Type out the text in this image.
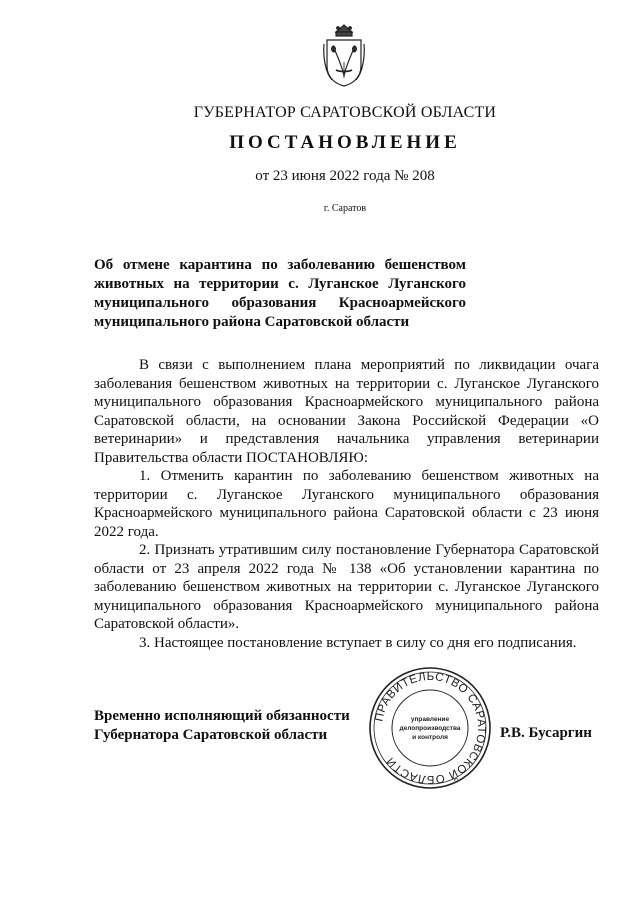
ГУБЕРНАТОР САРАТОВСКОЙ ОБЛАСТИ
ПОСТАНОВЛЕНИЕ
от 23 июня 2022 года № 208
г. Саратов
Об отмене карантина по заболеванию бешенством животных на территории с. Луганское Луганского муниципального образования Красноармейского муниципального района Саратовской области

В связи с выполнением плана мероприятий по ликвидации очага заболевания бешенством животных на территории с. Луганское Луганского муниципального образования Красноармейского муниципального района Саратовской области, на основании Закона Российской Федерации «О ветеринарии» и представления начальника управления ветеринарии Правительства области ПОСТАНОВЛЯЮ:

1. Отменить карантин по заболеванию бешенством животных на территории с. Луганское Луганского муниципального образования Красноармейского муниципального района Саратовской области с 23 июня 2022 года.

2. Признать утратившим силу постановление Губернатора Саратовской области от 23 апреля 2022 года № 138 «Об установлении карантина по заболеванию бешенством животных на территории с. Луганское Луганского муниципального образования Красноармейского муниципального района Саратовской области».

3. Настоящее постановление вступает в силу со дня его подписания.

Временно исполняющий обязанности
Губернатора Саратовской области
ПРАВИТЕЛЬСТВО САРАТОВСКОЙ ОБЛАСТИ
управление
делопроизводства
и контроля	Р.В. Бусаргин
